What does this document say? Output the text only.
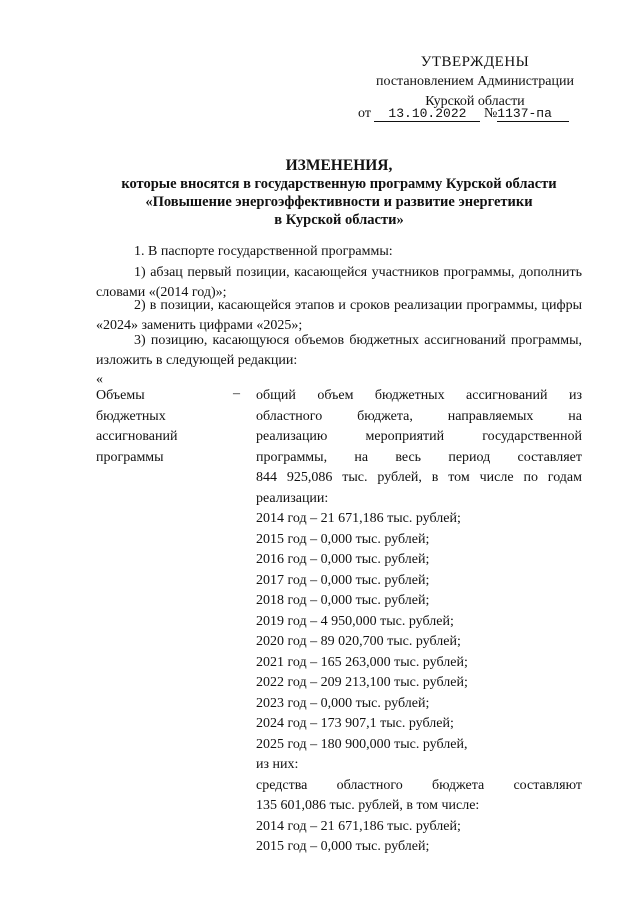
УТВЕРЖДЕНЫ
постановлением Администрации
Курской области
от 13.10.2022 №1137-па
ИЗМЕНЕНИЯ,
которые вносятся в государственную программу Курской области
«Повышение энергоэффективности и развитие энергетики
в Курской области»

1. В паспорте государственной программы:

1) абзац первый позиции, касающейся участников программы, дополнить словами «(2014 год)»;

2) в позиции, касающейся этапов и сроков реализации программы, цифры «2024» заменить цифрами «2025»;

3) позицию, касающуюся объемов бюджетных ассигнований программы, изложить в следующей редакции:

«
Объемы
бюджетных
ассигнований
программы
– общий объем бюджетных ассигнований из
областного бюджета, направляемых на
реализацию мероприятий государственной
программы, на весь период составляет
844 925,086 тыс. рублей, в том числе по годам
реализации:
2014 год – 21 671,186 тыс. рублей;
2015 год – 0,000 тыс. рублей;
2016 год – 0,000 тыс. рублей;
2017 год – 0,000 тыс. рублей;
2018 год – 0,000 тыс. рублей;
2019 год – 4 950,000 тыс. рублей;
2020 год – 89 020,700 тыс. рублей;
2021 год – 165 263,000 тыс. рублей;
2022 год – 209 213,100 тыс. рублей;
2023 год – 0,000 тыс. рублей;
2024 год – 173 907,1 тыс. рублей;
2025 год – 180 900,000 тыс. рублей,
из них:
средства областного бюджета составляют
135 601,086 тыс. рублей, в том числе:
2014 год – 21 671,186 тыс. рублей;
2015 год – 0,000 тыс. рублей;
